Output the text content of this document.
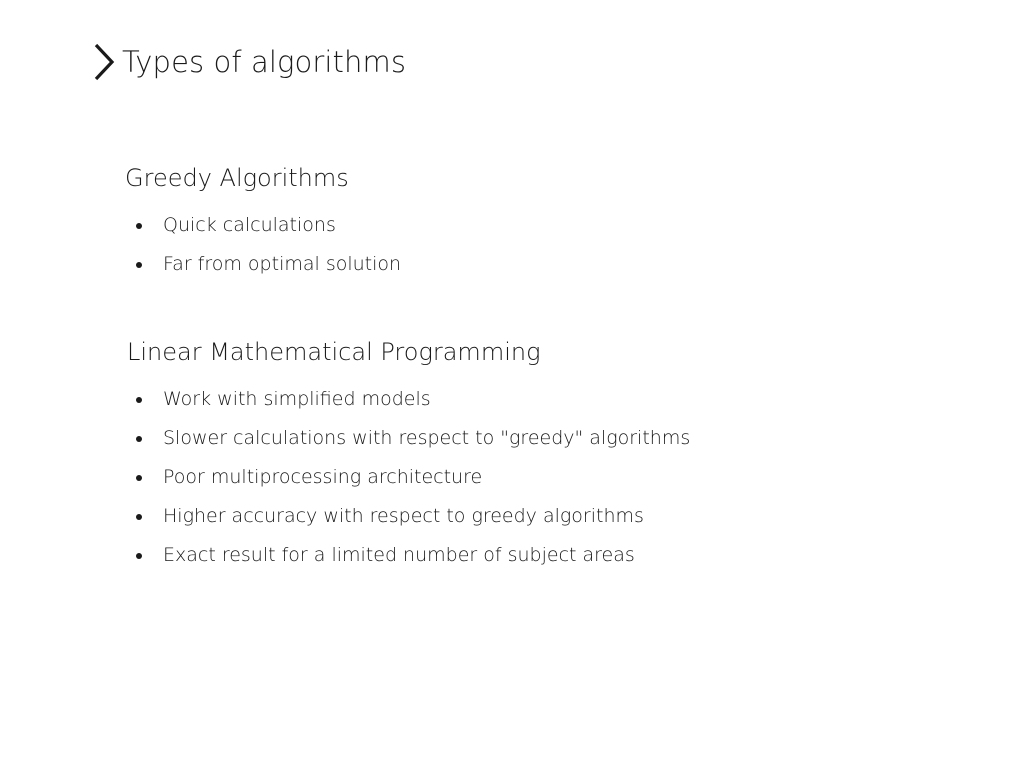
Types of algorithms
Greedy Algorithms
Quick calculations
Far from optimal solution
Linear Mathematical Programming
Work with simplified models
Slower calculations with respect to "greedy" algorithms
Poor multiprocessing architecture
Higher accuracy with respect to greedy algorithms
Exact result for a limited number of subject areas
